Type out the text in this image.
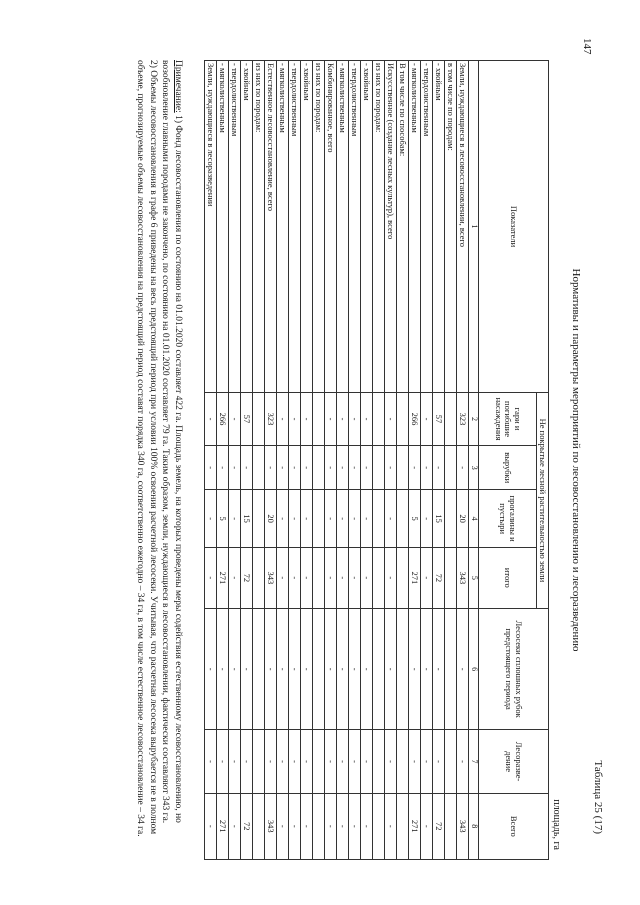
147
Таблица 25 (17)
Нормативы и параметры мероприятий по лесовосстановлению и лесоразведению
площадь, га
Показатели	Не покрытые лесной растительностью земли				Лесосеки сплошных рубок предстоящего периода	Лесоразве-дение	Всего
	гари и погибшие насаждения	вырубки	прогалины и пустыри	итого			
1	2	3	4	5	6	7	8
Земли, нуждающиеся в лесовосстановлении, всего	323	-	20	343	-	-	343
в том числе по породам:							
- хвойным	57	-	15	72	-	-	72
- твердолиственным	-	-	-	-	-	-	-
- мягколиственным	266	-	5	271	-	-	271
В том числе по способам:							
Искусственное (создание лесных культур), всего	-	-	-	-	-	-	-
из них по породам:							
- хвойным	-	-	-	-	-	-	-
- твердолиственным	-	-	-	-	-	-	-
- мягколиственным	-	-	-	-	-	-	-
Комбинированное, всего	-	-	-	-	-	-	-
из них по породам:							
- хвойным	-	-	-	-	-	-	-
- твердолиственным	-	-	-	-	-	-	-
- мягколиственным	-	-	-	-	-	-	-
Естественное лесовосстановление, всего	323	-	20	343	-	-	343
из них по породам:							
- хвойным	57	-	15	72	-	-	72
- твердолиственным	-	-	-	-	-	-	-
- мягколиственным	266	-	5	271	-	-	271
Земли, нуждающиеся в лесоразведении	-	-	-	-	-	-	-

Примечание: 1) Фонд лесовосстановления по состоянию на 01.01.2020 составляет 422 га. Площадь земель, на которых проведены меры содействия естественному лесовосстановлению, но возобновление главными породами не закончено, по состоянию на 01.01.2020 составляет 79 га. Таким образом, земли, нуждающиеся в лесовосстановлении, фактически составляют 343 га.

2) Объемы лесовосстановления в графе 6 приведены на весь предстоящий период при условии 100% освоения расчетной лесосеки. Учитывая, что расчетная лесосека вырубается не в полном объеме, прогнозируемые объемы лесовосстановления на предстоящий период составят порядка 340 га, соответственно ежегодно – 34 га, в том числе естественное лесовосстановление – 34 га.
